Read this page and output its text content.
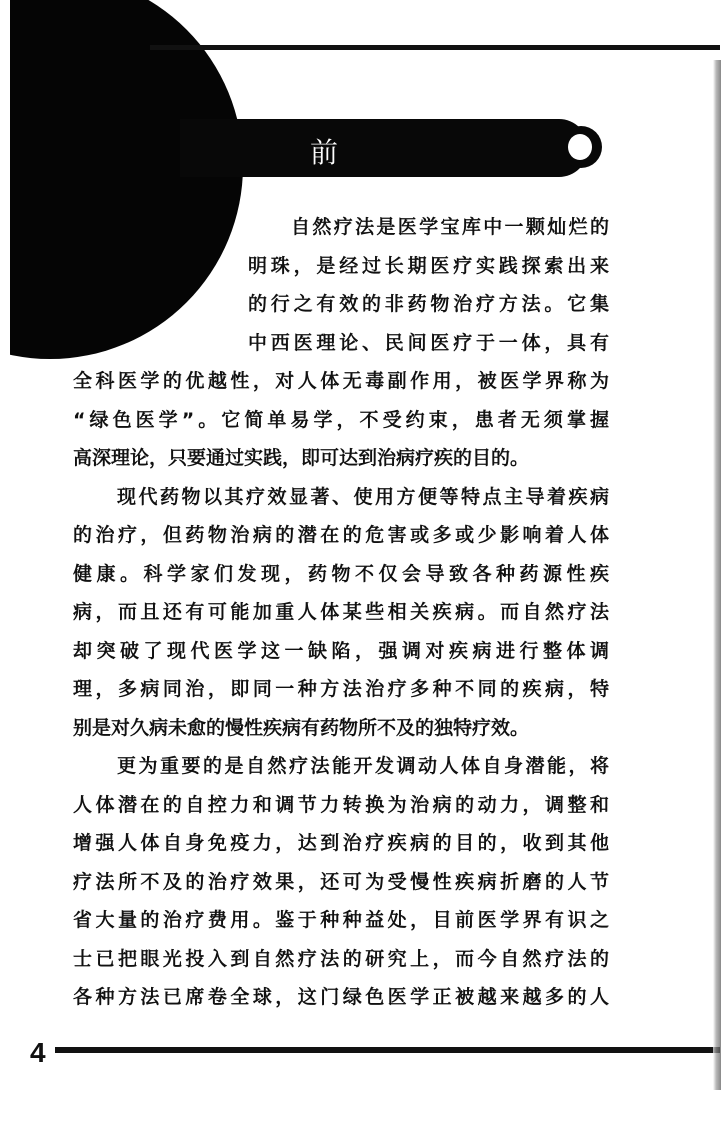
前 言
自然疗法是医学宝库中一颗灿烂的
明珠，是经过长期医疗实践探索出来
的行之有效的非药物治疗方法。它集
中西医理论、民间医疗于一体，具有
全科医学的优越性，对人体无毒副作用，被医学界称为
“绿色医学”。它简单易学，不受约束，患者无须掌握
高深理论，只要通过实践，即可达到治病疗疾的目的。
现代药物以其疗效显著、使用方便等特点主导着疾病
的治疗，但药物治病的潜在的危害或多或少影响着人体
健康。科学家们发现，药物不仅会导致各种药源性疾
病，而且还有可能加重人体某些相关疾病。而自然疗法
却突破了现代医学这一缺陷，强调对疾病进行整体调
理，多病同治，即同一种方法治疗多种不同的疾病，特
别是对久病未愈的慢性疾病有药物所不及的独特疗效。
更为重要的是自然疗法能开发调动人体自身潜能，将
人体潜在的自控力和调节力转换为治病的动力，调整和
增强人体自身免疫力，达到治疗疾病的目的，收到其他
疗法所不及的治疗效果，还可为受慢性疾病折磨的人节
省大量的治疗费用。鉴于种种益处，目前医学界有识之
士已把眼光投入到自然疗法的研究上，而今自然疗法的
各种方法已席卷全球，这门绿色医学正被越来越多的人
4
